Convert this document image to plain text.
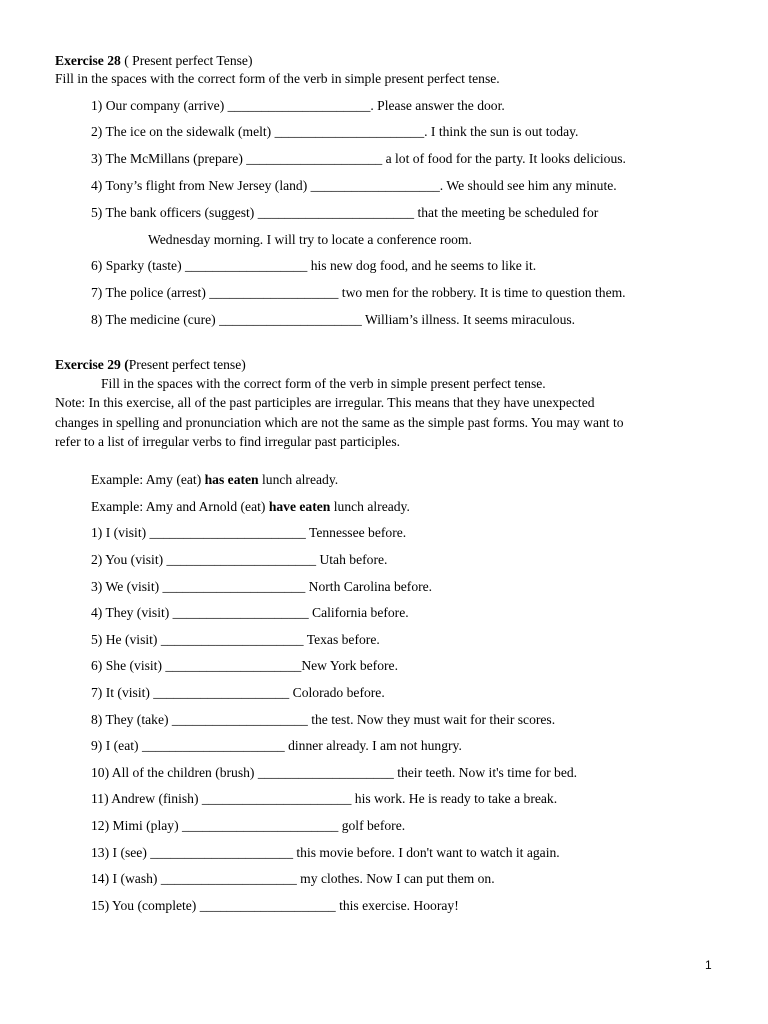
Exercise 28 ( Present perfect Tense)
Fill in the spaces with the correct form of the verb in simple present perfect tense.
1) Our company (arrive) _____________________. Please answer the door.
2) The ice on the sidewalk (melt) ______________________. I think the sun is out today.
3) The McMillans (prepare) ____________________ a lot of food for the party. It looks delicious.
4) Tony’s flight from New Jersey (land) ___________________. We should see him any minute.
5) The bank officers (suggest) _______________________ that the meeting be scheduled for
Wednesday morning. I will try to locate a conference room.
6) Sparky (taste) __________________ his new dog food, and he seems to like it.
7) The police (arrest) ___________________ two men for the robbery. It is time to question them.
8) The medicine (cure) _____________________ William’s illness. It seems miraculous.
Exercise 29 (Present perfect tense)
Fill in the spaces with the correct form of the verb in simple present perfect tense.
Note: In this exercise, all of the past participles are irregular. This means that they have unexpected
changes in spelling and pronunciation which are not the same as the simple past forms. You may want to
refer to a list of irregular verbs to find irregular past participles.
Example: Amy (eat) has eaten lunch already.
Example: Amy and Arnold (eat) have eaten lunch already.
1) I (visit) _______________________ Tennessee before.
2) You (visit) ______________________ Utah before.
3) We (visit) _____________________ North Carolina before.
4) They (visit) ____________________ California before.
5) He (visit) _____________________ Texas before.
6) She (visit) ____________________New York before.
7) It (visit) ____________________ Colorado before.
8) They (take) ____________________ the test. Now they must wait for their scores.
9) I (eat) _____________________ dinner already. I am not hungry.
10) All of the children (brush) ____________________ their teeth. Now it's time for bed.
11) Andrew (finish) ______________________ his work. He is ready to take a break.
12) Mimi (play) _______________________ golf before.
13) I (see) _____________________ this movie before. I don't want to watch it again.
14) I (wash) ____________________ my clothes. Now I can put them on.
15) You (complete) ____________________ this exercise. Hooray!
1
